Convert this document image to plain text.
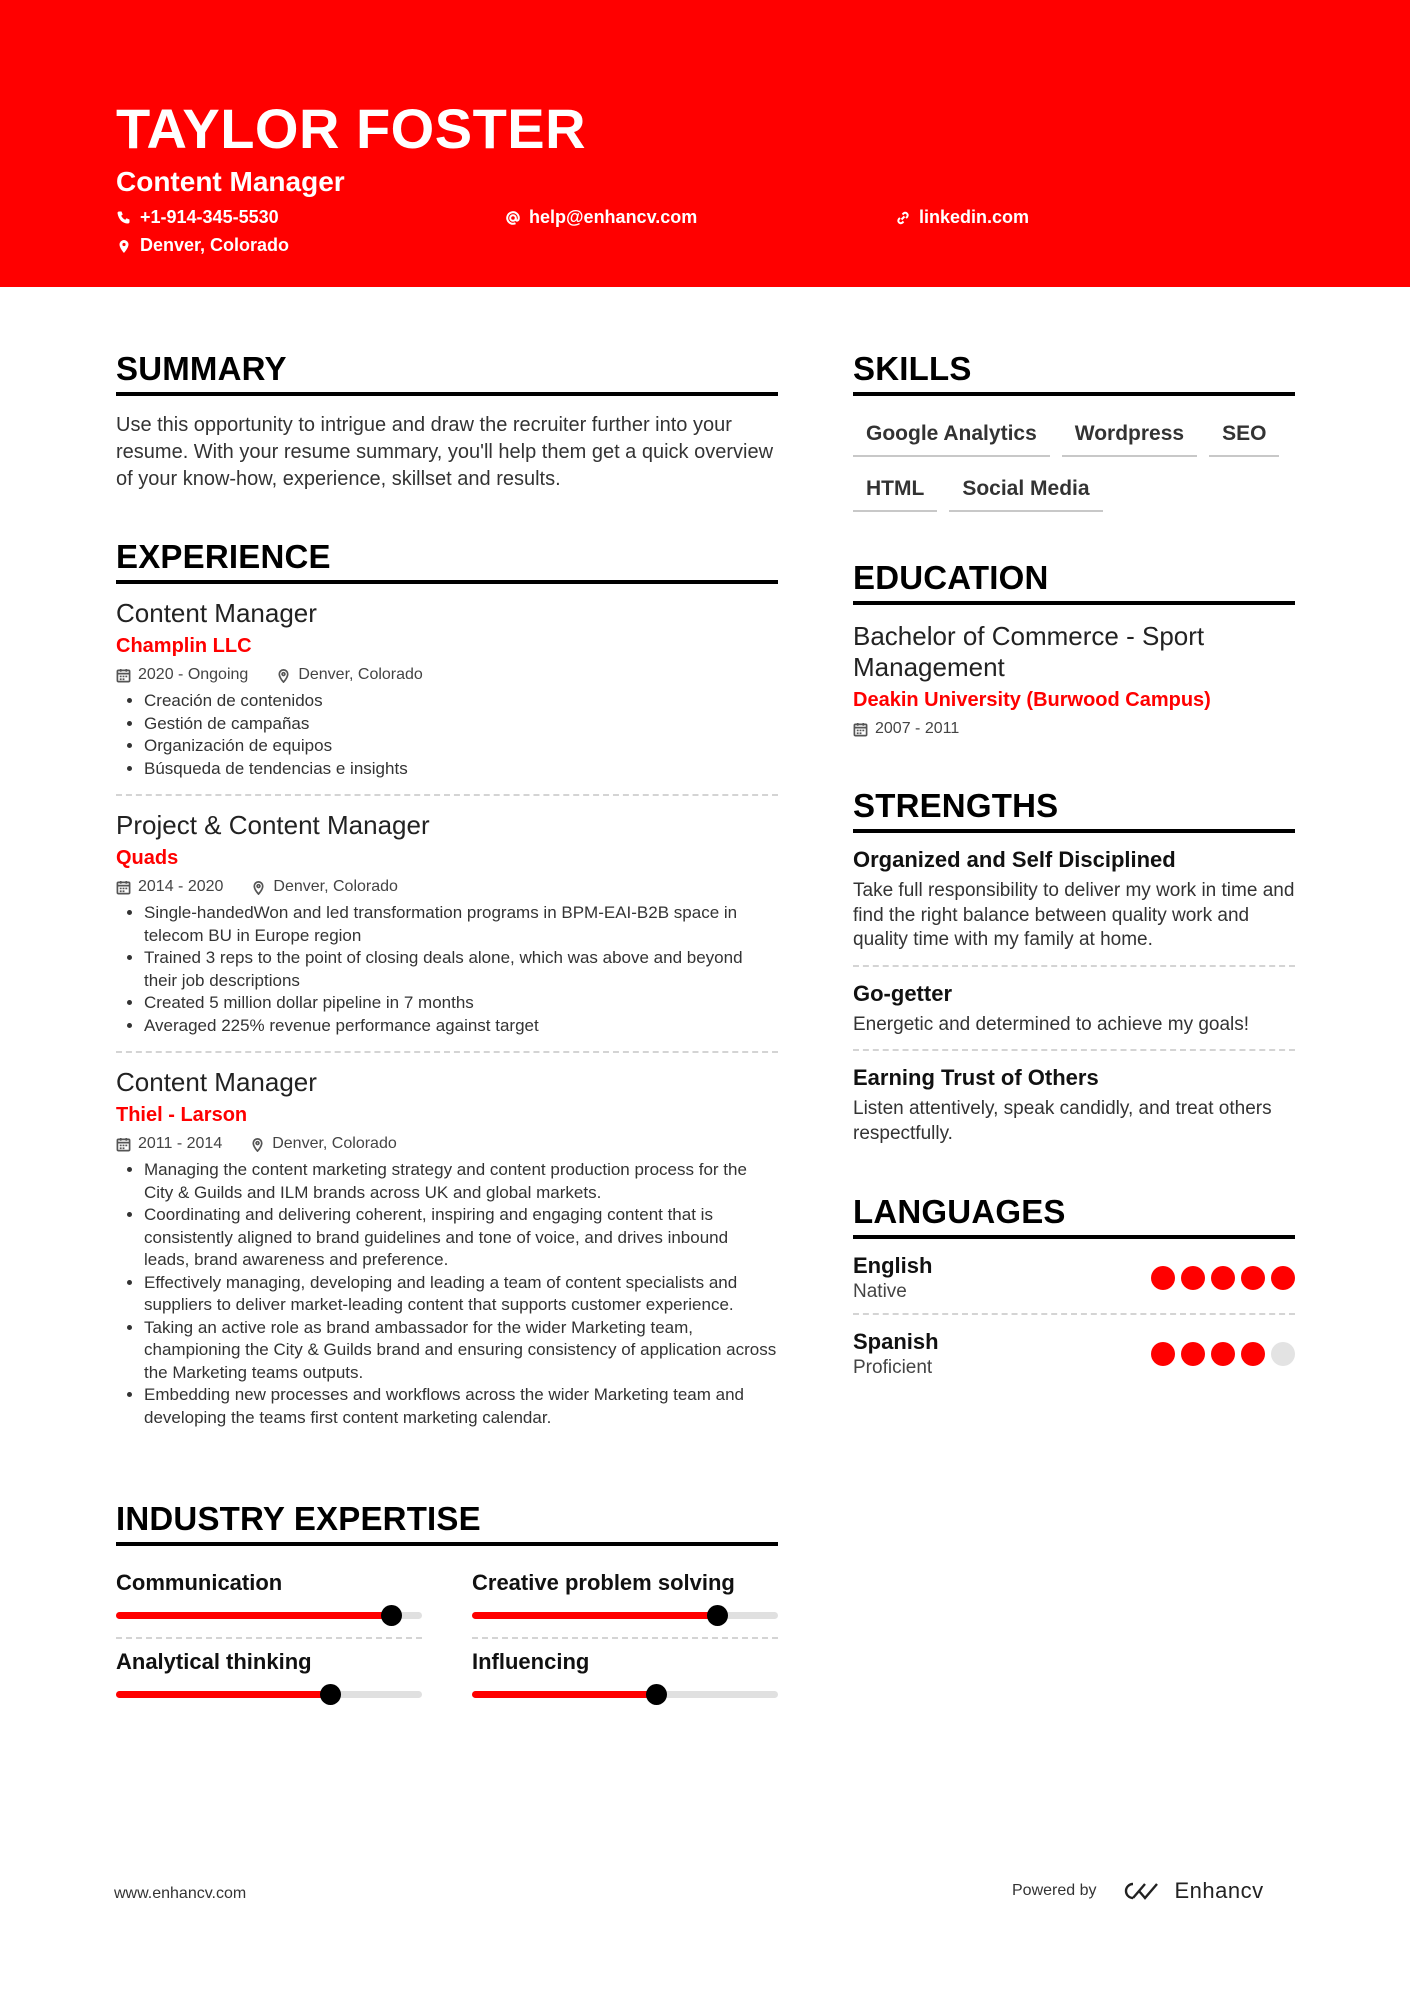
TAYLOR FOSTER
Content Manager
+1-914-345-5530	help@enhancv.com	linkedin.com
Denver, Colorado
SUMMARY
Use this opportunity to intrigue and draw the recruiter further into your resume. With your resume summary, you'll help them get a quick overview of your know-how, experience, skillset and results.
EXPERIENCE
Content Manager
Champlin LLC
2020 - Ongoing	Denver, Colorado
• Creación de contenidos
• Gestión de campañas
• Organización de equipos
• Búsqueda de tendencias e insights
Project & Content Manager
Quads
2014 - 2020	Denver, Colorado
• Single-handedWon and led transformation programs in BPM-EAI-B2B space in telecom BU in Europe region
• Trained 3 reps to the point of closing deals alone, which was above and beyond their job descriptions
• Created 5 million dollar pipeline in 7 months
• Averaged 225% revenue performance against target
Content Manager
Thiel - Larson
2011 - 2014	Denver, Colorado
• Managing the content marketing strategy and content production process for the City & Guilds and ILM brands across UK and global markets.
• Coordinating and delivering coherent, inspiring and engaging content that is consistently aligned to brand guidelines and tone of voice, and drives inbound leads, brand awareness and preference.
• Effectively managing, developing and leading a team of content specialists and suppliers to deliver market-leading content that supports customer experience.
• Taking an active role as brand ambassador for the wider Marketing team, championing the City & Guilds brand and ensuring consistency of application across the Marketing teams outputs.
• Embedding new processes and workflows across the wider Marketing team and developing the teams first content marketing calendar.
INDUSTRY EXPERTISE
Communication	Creative problem solving
Analytical thinking	Influencing
SKILLS
Google Analytics	Wordpress	SEO
HTML	Social Media
EDUCATION
Bachelor of Commerce - Sport Management
Deakin University (Burwood Campus)
2007 - 2011
STRENGTHS
Organized and Self Disciplined
Take full responsibility to deliver my work in time and find the right balance between quality work and quality time with my family at home.
Go-getter
Energetic and determined to achieve my goals!
Earning Trust of Others
Listen attentively, speak candidly, and treat others respectfully.
LANGUAGES
English
Native
Spanish
Proficient
www.enhancv.com	Powered by	Enhancv
